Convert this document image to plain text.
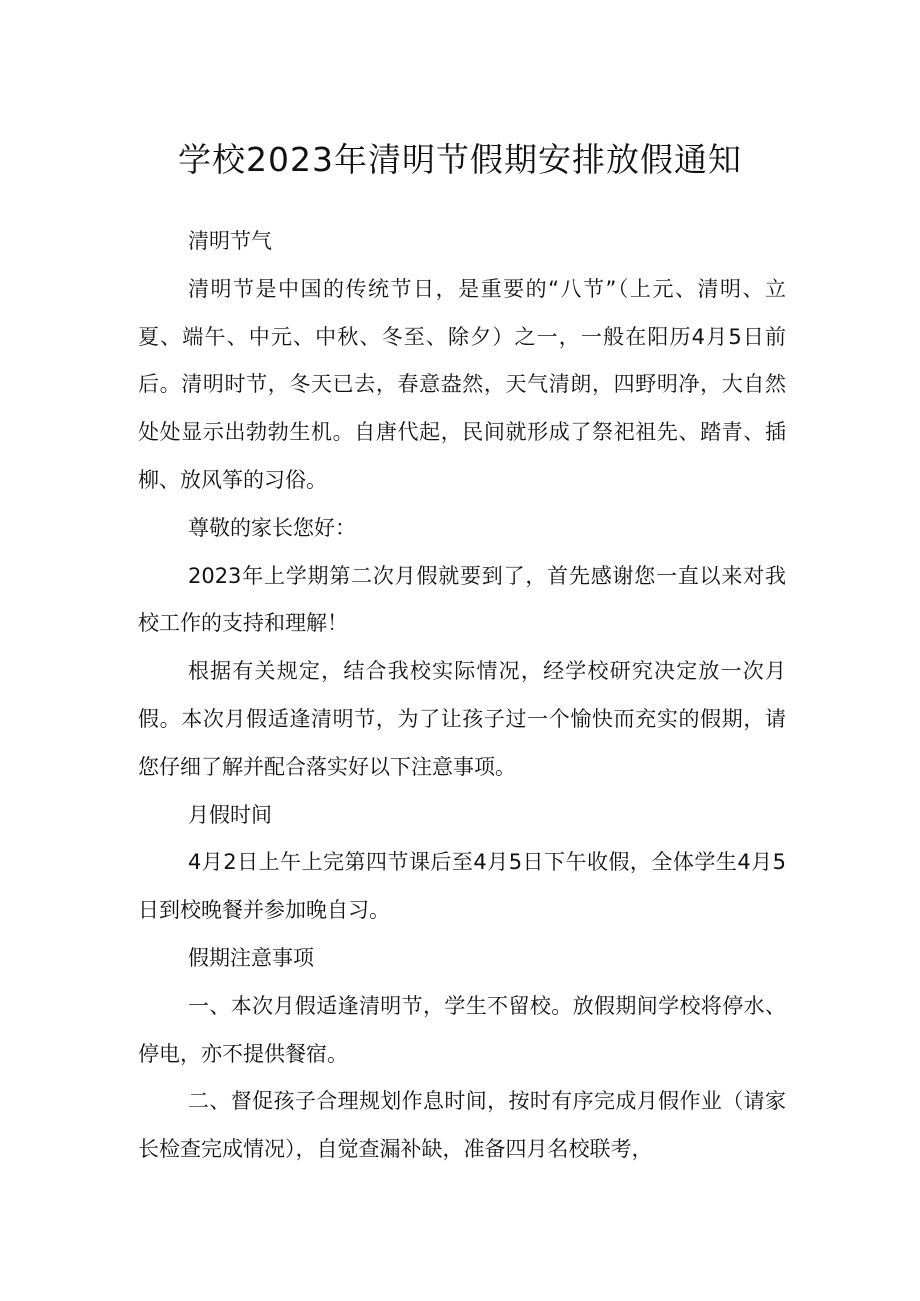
学校2023年清明节假期安排放假通知

清明节气

清明节是中国的传统节日，是重要的“八节”（上元、清明、立夏、端午、中元、中秋、冬至、除夕）之一，一般在阳历4月5日前后。清明时节，冬天已去，春意盎然，天气清朗，四野明净，大自然处处显示出勃勃生机。自唐代起，民间就形成了祭祀祖先、踏青、插柳、放风筝的习俗。

尊敬的家长您好：

2023年上学期第二次月假就要到了，首先感谢您一直以来对我校工作的支持和理解！

根据有关规定，结合我校实际情况，经学校研究决定放一次月假。本次月假适逢清明节，为了让孩子过一个愉快而充实的假期，请您仔细了解并配合落实好以下注意事项。

月假时间

4月2日上午上完第四节课后至4月5日下午收假，全体学生4月5日到校晚餐并参加晚自习。

假期注意事项

一、本次月假适逢清明节，学生不留校。放假期间学校将停水、停电，亦不提供餐宿。

二、督促孩子合理规划作息时间，按时有序完成月假作业（请家长检查完成情况），自觉查漏补缺，准备四月名校联考，
